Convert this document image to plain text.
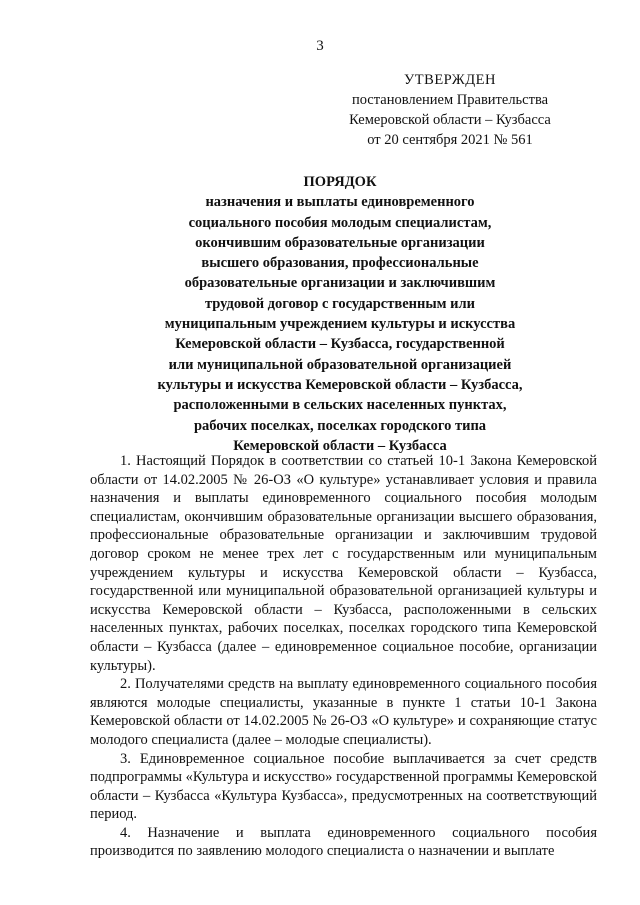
3
УТВЕРЖДЕН
постановлением Правительства
Кемеровской области – Кузбасса
от 20 сентября 2021 № 561
ПОРЯДОК
назначения и выплаты единовременного
социального пособия молодым специалистам,
окончившим образовательные организации
высшего образования, профессиональные
образовательные организации и заключившим
трудовой договор с государственным или
муниципальным учреждением культуры и искусства
Кемеровской области – Кузбасса, государственной
или муниципальной образовательной организацией
культуры и искусства Кемеровской области – Кузбасса,
расположенными в сельских населенных пунктах,
рабочих поселках, поселках городского типа
Кемеровской области – Кузбасса

1. Настоящий Порядок в соответствии со статьей 10-1 Закона Кемеровской области от 14.02.2005 № 26-ОЗ «О культуре» устанавливает условия и правила назначения и выплаты единовременного социального пособия молодым специалистам, окончившим образовательные организации высшего образования, профессиональные образовательные организации и заключившим трудовой договор сроком не менее трех лет с государственным или муниципальным учреждением культуры и искусства Кемеровской области – Кузбасса, государственной или муниципальной образовательной организацией культуры и искусства Кемеровской области – Кузбасса, расположенными в сельских населенных пунктах, рабочих поселках, поселках городского типа Кемеровской области – Кузбасса (далее – единовременное социальное пособие, организации культуры).

2. Получателями средств на выплату единовременного социального пособия являются молодые специалисты, указанные в пункте 1 статьи 10-1 Закона Кемеровской области от 14.02.2005 № 26-ОЗ «О культуре» и сохраняющие статус молодого специалиста (далее – молодые специалисты).

3. Единовременное социальное пособие выплачивается за счет средств подпрограммы «Культура и искусство» государственной программы Кемеровской области – Кузбасса «Культура Кузбасса», предусмотренных на соответствующий период.

4. Назначение и выплата единовременного социального пособия производится по заявлению молодого специалиста о назначении и выплате
